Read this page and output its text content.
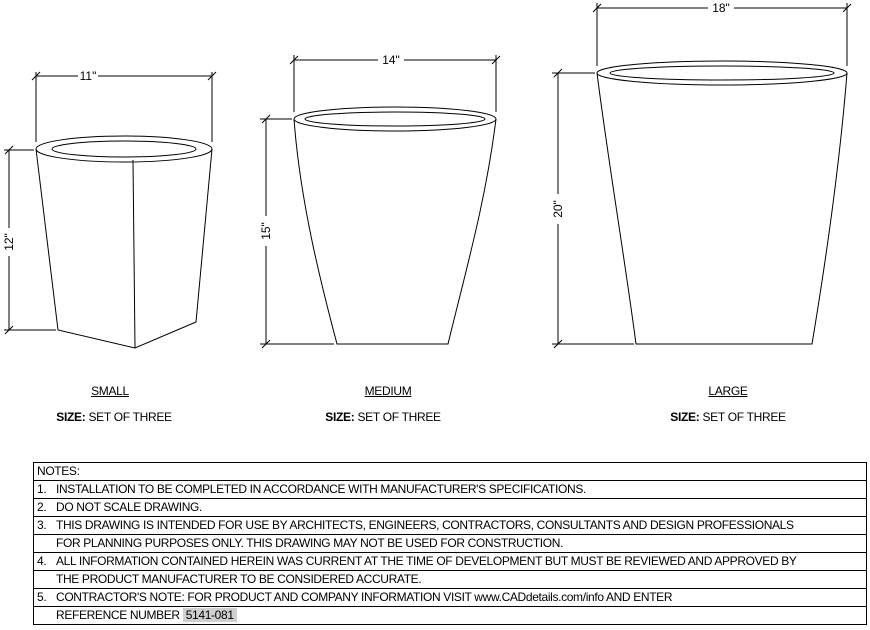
11"
12"
14"
15"
18"
20"
SMALL
SIZE: SET OF THREE
MEDIUM
SIZE: SET OF THREE
LARGE
SIZE: SET OF THREE
NOTES:
1. INSTALLATION TO BE COMPLETED IN ACCORDANCE WITH MANUFACTURER'S SPECIFICATIONS.
2. DO NOT SCALE DRAWING.
3. THIS DRAWING IS INTENDED FOR USE BY ARCHITECTS, ENGINEERS, CONTRACTORS, CONSULTANTS AND DESIGN PROFESSIONALS
FOR PLANNING PURPOSES ONLY. THIS DRAWING MAY NOT BE USED FOR CONSTRUCTION.
4. ALL INFORMATION CONTAINED HEREIN WAS CURRENT AT THE TIME OF DEVELOPMENT BUT MUST BE REVIEWED AND APPROVED BY
THE PRODUCT MANUFACTURER TO BE CONSIDERED ACCURATE.
5. CONTRACTOR'S NOTE: FOR PRODUCT AND COMPANY INFORMATION VISIT www.CADdetails.com/info AND ENTER
REFERENCE NUMBER 5141-081
